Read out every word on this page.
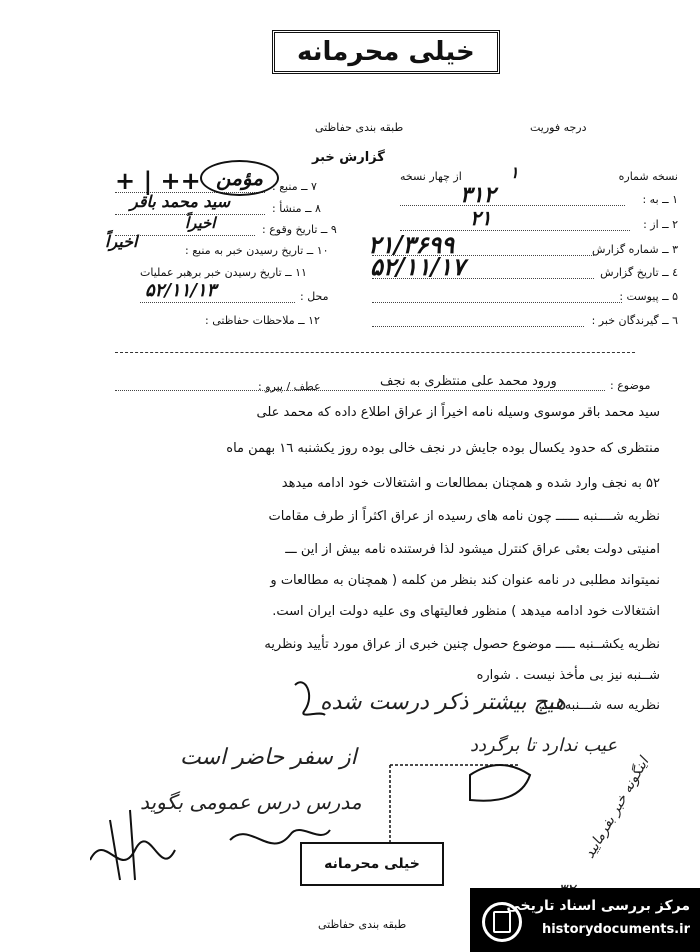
خیلی محرمانه
درجه فوریت
طبقه بندی حفاظتی
گزارش خبر
نسخه شماره
۱
از چهار نسخه
۱ ــ به :
۳۱۲
۲ ــ از :
۲۱
۳ ــ شماره گزارش
۲۱/۳۶۹۹
٤ ــ تاریخ گزارش
۵۲/۱۱/۱۷
۵ ــ پیوست :
٦ ــ گیرندگان خبر :
۷ ــ منبع :
مؤمن
+ | ++
۸ ــ منشأ :
سید محمد باقر
۹ ــ تاریخ وقوع :
اخیراً
۱۰ ــ تاریخ رسیدن خبر به منبع :
اخیراً
۱۱ ــ تاریخ رسیدن خبر برهبر عملیات
محل :
۵۲/۱۱/۱۳
۱۲ ــ ملاحظات حفاظتی :
موضوع :
ورود محمد علی منتظری به نجف
عطف / پیرو :
سید محمد باقر موسوی وسیله نامه اخیراً از عراق اطلاع داده که محمد علی
منتظری که حدود یکسال بوده جایش در نجف خالی بوده روز یکشنبه ۱٦ بهمن ماه
۵۲ به نجف وارد شده و همچنان بمطالعات و اشتغالات خود ادامه میدهد
نظریه شــــنبه ــــــ چون نامه های رسیده از عراق اکثراً از طرف مقامات
امنیتی دولت بعثی عراق کنترل میشود لذا فرستنده نامه بیش از این ـــ
نمیتواند مطلبی در نامه عنوان کند بنظر من کلمه ( همچنان به مطالعات و
اشتغالات خود ادامه میدهد ) منظور فعالیتهای وی علیه دولت ایران است.
نظریه یکشــنبه ـــــ موضوع حصول چنین خبری از عراق مورد تأیید ونظریه
شــنبه نیز بی مأخذ نیست . شواره
نظریه سه شـــنبه ـــــ
هیچ بیشتر ذکر درست شده
عیب ندارد تا برگردد
از سفر حاضر است
مدرس درس عمومی بگوید	اینگونه خبر بفرمایید
خیلی محرمانه
طبقه بندی حفاظتی
مرکز بررسی اسناد تاریخی
historydocuments.ir
